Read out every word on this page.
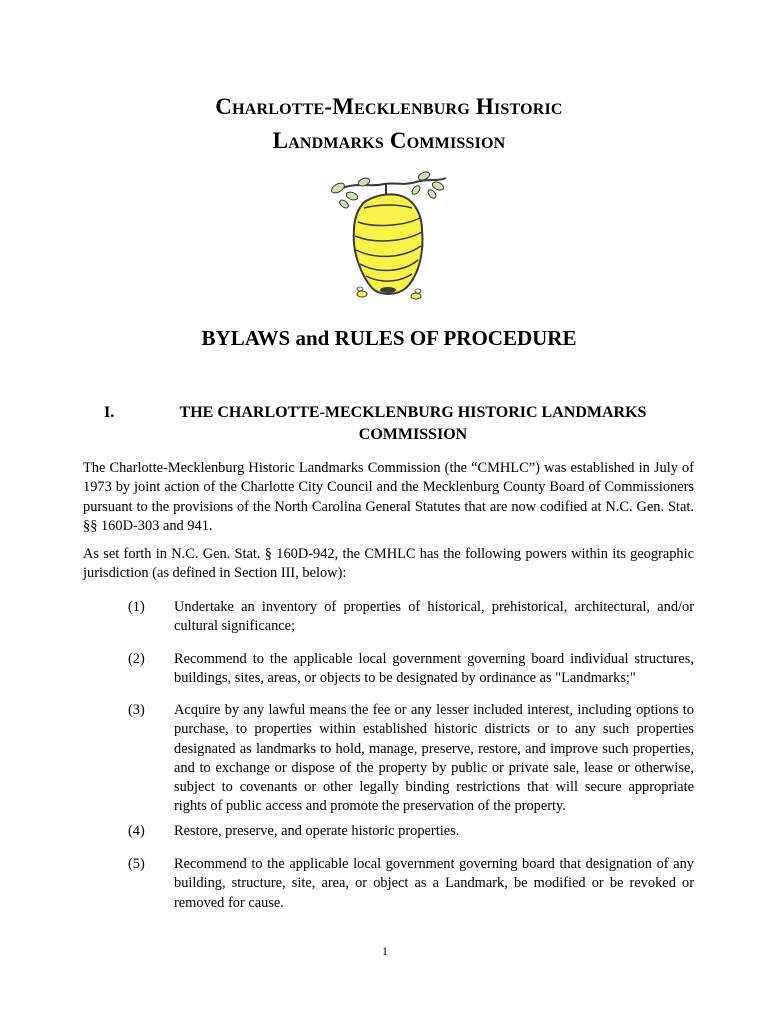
Charlotte-Mecklenburg Historic
Landmarks Commission
BYLAWS and RULES OF PROCEDURE
I.	THE CHARLOTTE-MECKLENBURG HISTORIC LANDMARKS COMMISSION

The Charlotte-Mecklenburg Historic Landmarks Commission (the “CMHLC”) was established in July of 1973 by joint action of the Charlotte City Council and the Mecklenburg County Board of Commissioners pursuant to the provisions of the North Carolina General Statutes that are now codified at N.C. Gen. Stat. §§ 160D-303 and 941.

As set forth in N.C. Gen. Stat. § 160D-942, the CMHLC has the following powers within its geographic jurisdiction (as defined in Section III, below):

(1) Undertake an inventory of properties of historical, prehistorical, architectural, and/or cultural significance;
(2) Recommend to the applicable local government governing board individual structures, buildings, sites, areas, or objects to be designated by ordinance as "Landmarks;"
(3) Acquire by any lawful means the fee or any lesser included interest, including options to purchase, to properties within established historic districts or to any such properties designated as landmarks to hold, manage, preserve, restore, and improve such properties, and to exchange or dispose of the property by public or private sale, lease or otherwise, subject to covenants or other legally binding restrictions that will secure appropriate rights of public access and promote the preservation of the property.
(4) Restore, preserve, and operate historic properties.
(5) Recommend to the applicable local government governing board that designation of any building, structure, site, area, or object as a Landmark, be modified or be revoked or removed for cause.
1
